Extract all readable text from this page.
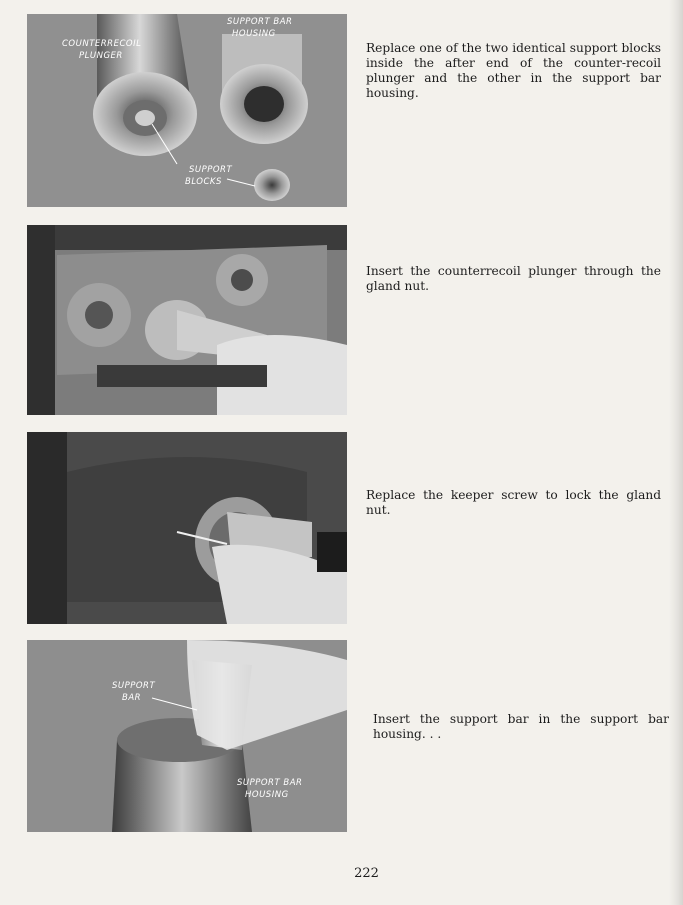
COUNTERRECOIL
PLUNGER
SUPPORT BAR
HOUSING
SUPPORT
BLOCKS
Replace one of the two identical support blocks inside the after end of the counter-recoil plunger and the other in the support bar housing.
Insert the counterrecoil plunger through the gland nut.
Replace the keeper screw to lock the gland nut.
SUPPORT
BAR
SUPPORT BAR
HOUSING
Insert the support bar in the support bar housing. . .
222
